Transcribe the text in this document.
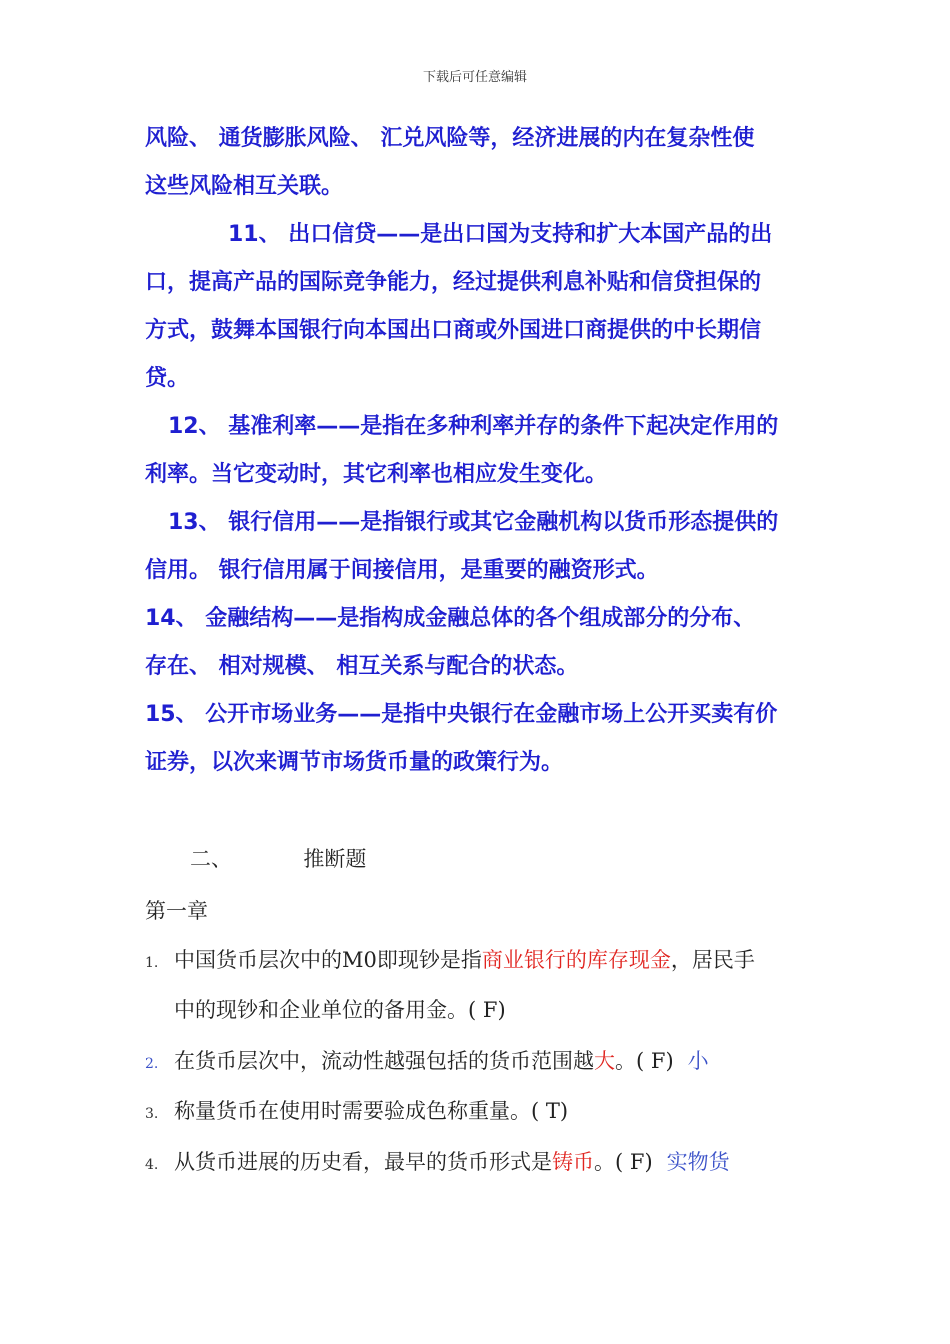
下载后可任意编辑
风险、 通货膨胀风险、 汇兑风险等，经济进展的内在复杂性使
这些风险相互关联。
11、 出口信贷——是出口国为支持和扩大本国产品的出
口，提高产品的国际竞争能力，经过提供利息补贴和信贷担保的
方式，鼓舞本国银行向本国出口商或外国进口商提供的中长期信
贷。
12、 基准利率——是指在多种利率并存的条件下起决定作用的
利率。当它变动时，其它利率也相应发生变化。
13、 银行信用——是指银行或其它金融机构以货币形态提供的
信用。 银行信用属于间接信用，是重要的融资形式。
14、 金融结构——是指构成金融总体的各个组成部分的分布、
存在、 相对规模、 相互关系与配合的状态。
15、 公开市场业务——是指中央银行在金融市场上公开买卖有价
证券，以次来调节市场货币量的政策行为。
二、	推断题
第一章
1. 中国货币层次中的M0即现钞是指商业银行的库存现金，居民手
中的现钞和企业单位的备用金。( F)
2. 在货币层次中，流动性越强包括的货币范围越大。( F) 小
3. 称量货币在使用时需要验成色称重量。( T)
4. 从货币进展的历史看，最早的货币形式是铸币。( F) 实物货
